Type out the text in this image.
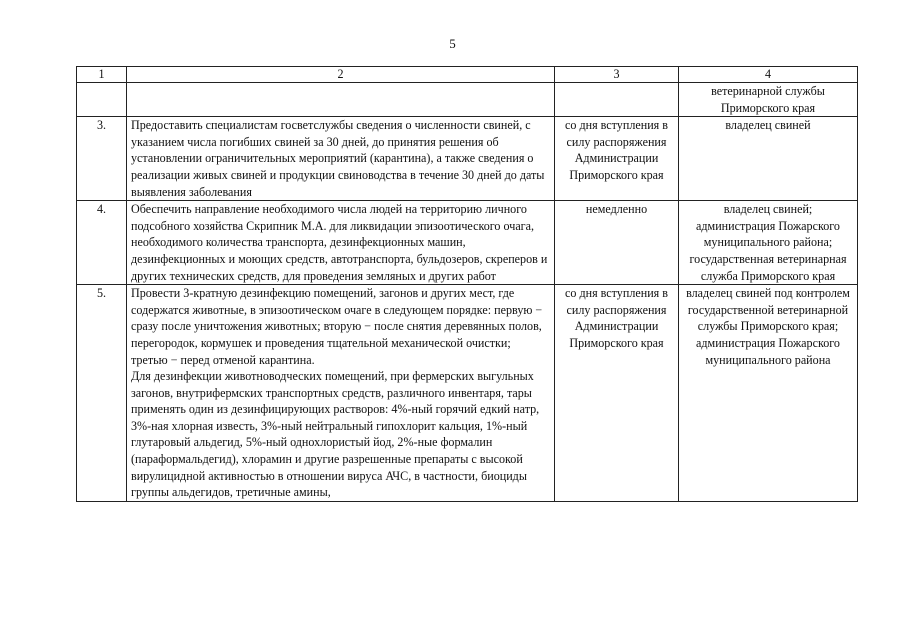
5
1	2	3	4
			ветеринарной службы Приморского края
3.	Предоставить специалистам госветслужбы сведения о численности свиней, с указанием числа погибших свиней за 30 дней, до принятия решения об установлении ограничительных мероприятий (карантина), а также сведения о реализации живых свиней и продукции свиноводства в течение 30 дней до даты выявления заболевания	со дня вступления в силу распоряжения Администрации Приморского края	владелец свиней
4.	Обеспечить направление необходимого числа людей на территорию личного подсобного хозяйства Скрипник М.А. для ликвидации эпизоотического очага, необходимого количества транспорта, дезинфекционных машин, дезинфекционных и моющих средств, автотранспорта, бульдозеров, скреперов и других технических средств, для проведения земляных и других работ	немедленно	владелец свиней; администрация Пожарского муниципального района; государственная ветеринарная служба Приморского края
5.	Провести 3-кратную дезинфекцию помещений, загонов и других мест, где содержатся животные, в эпизоотическом очаге в следующем порядке: первую − сразу после уничтожения животных; вторую − после снятия деревянных полов, перегородок, кормушек и проведения тщательной механической очистки; третью − перед отменой карантина.
Для дезинфекции животноводческих помещений, при фермерских выгульных загонов, внутрифермских транспортных средств, различного инвентаря, тары применять один из дезинфицирующих растворов: 4%-ный горячий едкий натр, 3%-ная хлорная известь, 3%-ный нейтральный гипохлорит кальция, 1%-ный глутаровый альдегид, 5%-ный однохлористый йод, 2%-ные формалин (параформальдегид), хлорамин и другие разрешенные препараты с высокой вирулицидной активностью в отношении вируса АЧС, в частности, биоциды группы альдегидов, третичные амины,	со дня вступления в силу распоряжения Администрации Приморского края	владелец свиней под контролем государственной ветеринарной службы Приморского края; администрация Пожарского муниципального района
